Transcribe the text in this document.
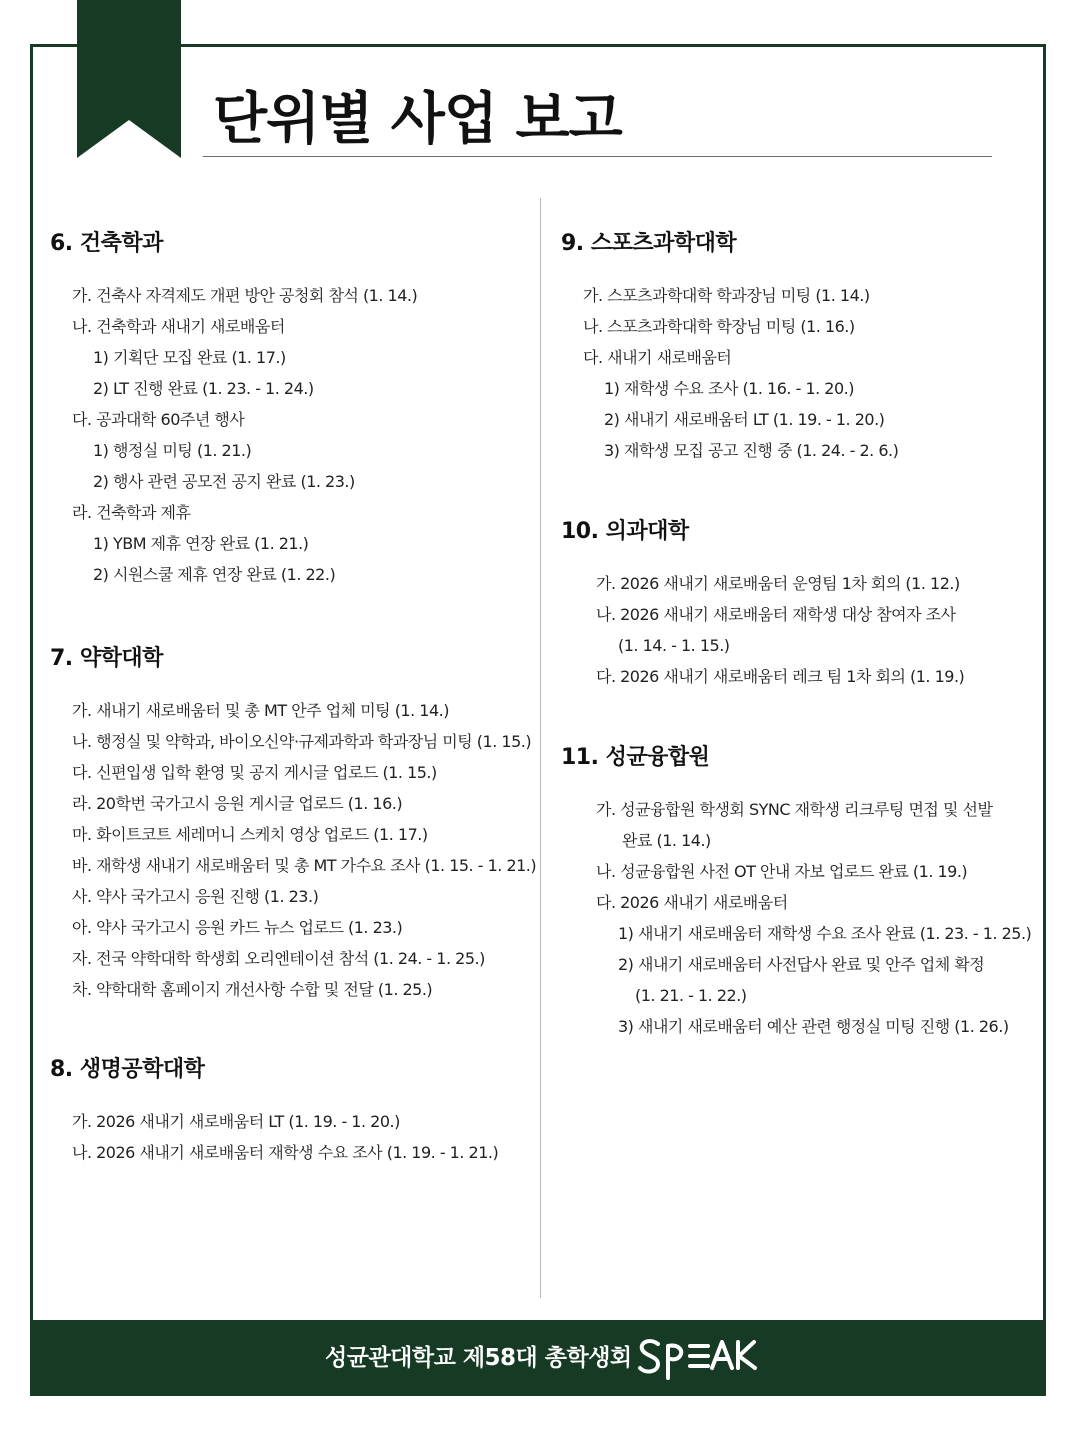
단위별 사업 보고
6. 건축학과
가. 건축사 자격제도 개편 방안 공청회 참석 (1. 14.)
나. 건축학과 새내기 새로배움터
1) 기획단 모집 완료 (1. 17.)
2) LT 진행 완료 (1. 23. - 1. 24.)
다. 공과대학 60주년 행사
1) 행정실 미팅 (1. 21.)
2) 행사 관련 공모전 공지 완료 (1. 23.)
라. 건축학과 제휴
1) YBM 제휴 연장 완료 (1. 21.)
2) 시원스쿨 제휴 연장 완료 (1. 22.)
7. 약학대학
가. 새내기 새로배움터 및 총 MT 안주 업체 미팅 (1. 14.)
나. 행정실 및 약학과, 바이오신약·규제과학과 학과장님 미팅 (1. 15.)
다. 신편입생 입학 환영 및 공지 게시글 업로드 (1. 15.)
라. 20학번 국가고시 응원 게시글 업로드 (1. 16.)
마. 화이트코트 세레머니 스케치 영상 업로드 (1. 17.)
바. 재학생 새내기 새로배움터 및 총 MT 가수요 조사 (1. 15. - 1. 21.)
사. 약사 국가고시 응원 진행 (1. 23.)
아. 약사 국가고시 응원 카드 뉴스 업로드 (1. 23.)
자. 전국 약학대학 학생회 오리엔테이션 참석 (1. 24. - 1. 25.)
차. 약학대학 홈페이지 개선사항 수합 및 전달 (1. 25.)
8. 생명공학대학
가. 2026 새내기 새로배움터 LT (1. 19. - 1. 20.)
나. 2026 새내기 새로배움터 재학생 수요 조사 (1. 19. - 1. 21.)
9. 스포츠과학대학
가. 스포츠과학대학 학과장님 미팅 (1. 14.)
나. 스포츠과학대학 학장님 미팅 (1. 16.)
다. 새내기 새로배움터
1) 재학생 수요 조사 (1. 16. - 1. 20.)
2) 새내기 새로배움터 LT (1. 19. - 1. 20.)
3) 재학생 모집 공고 진행 중 (1. 24. - 2. 6.)
10. 의과대학
가. 2026 새내기 새로배움터 운영팀 1차 회의 (1. 12.)
나. 2026 새내기 새로배움터 재학생 대상 참여자 조사
(1. 14. - 1. 15.)
다. 2026 새내기 새로배움터 레크 팀 1차 회의 (1. 19.)
11. 성균융합원
가. 성균융합원 학생회 SYNC 재학생 리크루팅 면접 및 선발
완료 (1. 14.)
나. 성균융합원 사전 OT 안내 자보 업로드 완료 (1. 19.)
다. 2026 새내기 새로배움터
1) 새내기 새로배움터 재학생 수요 조사 완료 (1. 23. - 1. 25.)
2) 새내기 새로배움터 사전답사 완료 및 안주 업체 확정
(1. 21. - 1. 22.)
3) 새내기 새로배움터 예산 관련 행정실 미팅 진행 (1. 26.)
성균관대학교 제58대 총학생회
